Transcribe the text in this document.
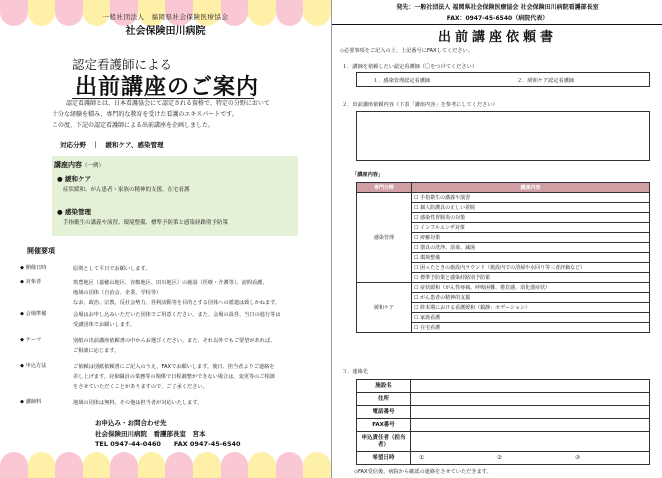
一般社団法人　福岡県社会保険医療協会
社会保険田川病院
認定看護師による
出前講座のご案内
認定看護師とは、日本看護協会にて認定される資格で、特定の分野において
十分な経験を積み、専門的な教育を受けた看護のエキスパートです。
この度、下記の認定看護師による出前講座を企画しました。
対応分野　｜　緩和ケア、感染管理
講座内容（一例）
● 緩和ケア
症状緩和、がん患者・家族の精神的支援、在宅看護
● 感染管理
手指衛生の講義や演習、環境整備、標準予防策と感染経路別予防策
開催要項
◆ 開催日時	原則として平日でお願いします。
◆ 対象者	筑豊地区（嘉穂山地区、直鞍地区、田川地区）の施設（医療・介護等）、訪問看護、
地域の団体（自治会、企業、学校等）
なお、政治、宗教、反社会勢力、営利活動等を目的とする団体への派遣は致しかねます。
◆ 会場準備	会場はお申し込みいただいた団体でご用意ください。また、会場の設営、当日の進行等は
受講団体でお願いします。
◆ テーマ	別紙の出前講座依頼書の中からお選びください。また、それ以外でもご要望があれば、
ご相談に応じます。
◆ 申込方法	ご依頼は別紙依頼書にご記入のうえ、FAXでお願いします。後日、担当者よりご連絡を
差し上げます。対象職員の業務等の関係で日程調整ができない場合は、変更等のご相談
をさせていただくことがありますので、ご了承ください。
◆ 講師料	地域の団体は無料。その他は担当者が対応いたします。
お申込み・お問合わせ先
社会保険田川病院　看護部長室　宮本
TEL 0947-44-0460　　FAX 0947-45-6540
発先：一般社団法人 福岡県社会保険医療協会 社会保険田川病院看護部長室
FAX：0947-45-6540（病院代表）
出前講座依頼書
◇必要事項をご記入の上、上記番号にFAXしてください。
１．講師を依頼したい認定看護師（〇をつけてください）
１．感染管理認定看護師	２．緩和ケア認定看護師
２．出前講座依頼内容（下表「講座内容」を参考にしてください）
「講座内容」
専門分野	講座内容
感染管理	☐ 手指衛生の講義や演習
	☐ 個人防護具の正しい着脱
	☐ 感染性胃腸炎の対策
	☐ インフルエンザ対策
	☐ 疥癬対策
	☐ 器具の洗浄、消毒、滅菌
	☐ 環境整備
	☐ 困ったときの施設内ラウンド（施設内での清掃や水回り等三者評価など）
	☐ 標準予防策と感染経路別予防策
緩和ケア	☐ 症状緩和（がん性疼痛、呼吸困難、倦怠感、消化器症状）
	☐ がん患者の精神的支援
	☐ 終末期における看護緩和（鎮静：セデーション）
	☐ 家族看護
	☐ 在宅看護
３．連絡先
施設名	
住所	
電話番号	
FAX番号	
申込責任者（担当者）	
希望日時	① ② ③
◇FAX受信後、病院から確認の連絡をさせていただきます。
